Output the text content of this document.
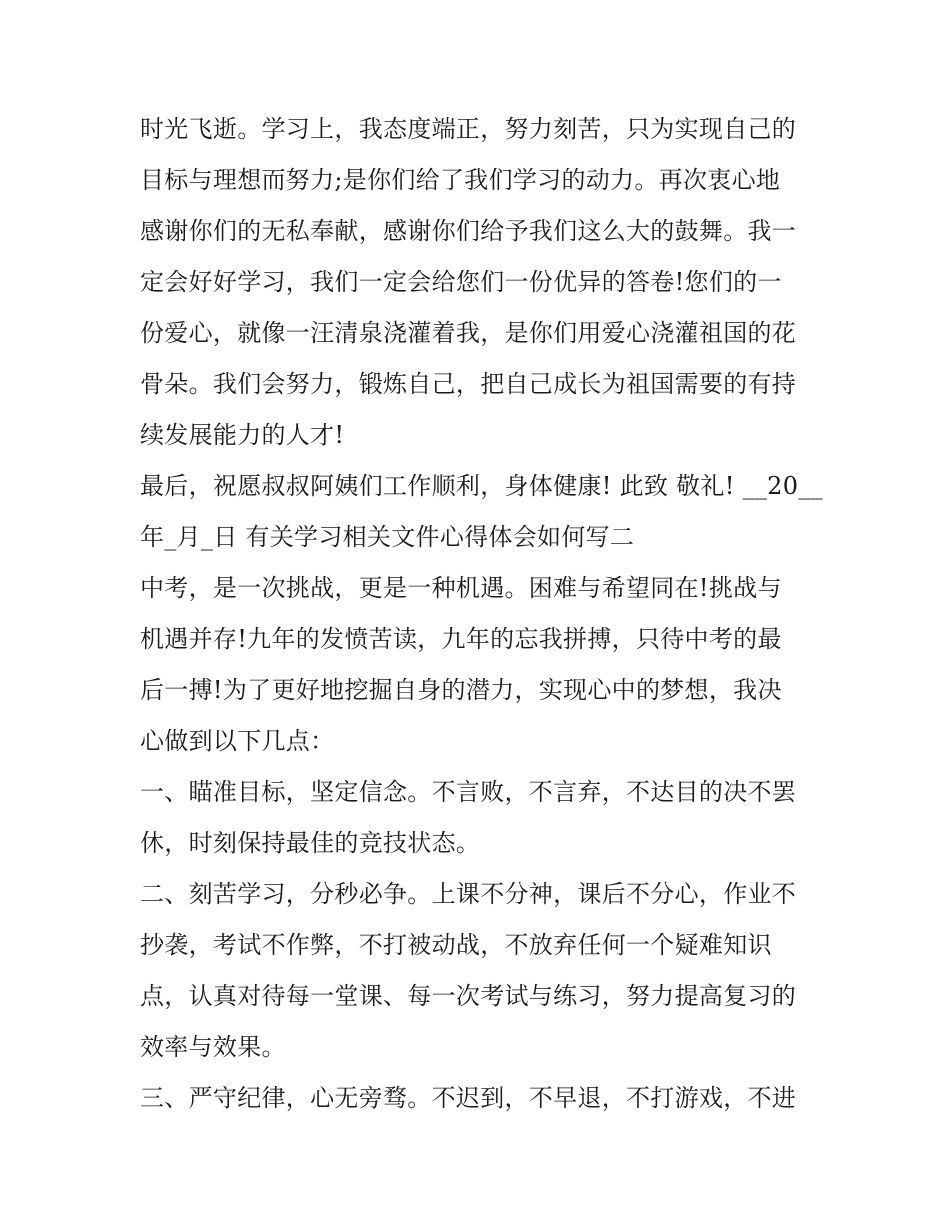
时光飞逝。学习上，我态度端正，努力刻苦，只为实现自己的
目标与理想而努力;是你们给了我们学习的动力。再次衷心地
感谢你们的无私奉献，感谢你们给予我们这么大的鼓舞。我一
定会好好学习，我们一定会给您们一份优异的答卷!您们的一
份爱心，就像一汪清泉浇灌着我，是你们用爱心浇灌祖国的花
骨朵。我们会努力，锻炼自己，把自己成长为祖国需要的有持
续发展能力的人才!
最后，祝愿叔叔阿姨们工作顺利，身体健康! 此致 敬礼! __20__
年_月_日 有关学习相关文件心得体会如何写二
中考，是一次挑战，更是一种机遇。困难与希望同在!挑战与
机遇并存!九年的发愤苦读，九年的忘我拼搏，只待中考的最
后一搏!为了更好地挖掘自身的潜力，实现心中的梦想，我决
心做到以下几点：
一、瞄准目标，坚定信念。不言败，不言弃，不达目的决不罢
休，时刻保持最佳的竞技状态。
二、刻苦学习，分秒必争。上课不分神，课后不分心，作业不
抄袭，考试不作弊，不打被动战，不放弃任何一个疑难知识
点，认真对待每一堂课、每一次考试与练习，努力提高复习的
效率与效果。
三、严守纪律，心无旁骛。不迟到，不早退，不打游戏，不进
